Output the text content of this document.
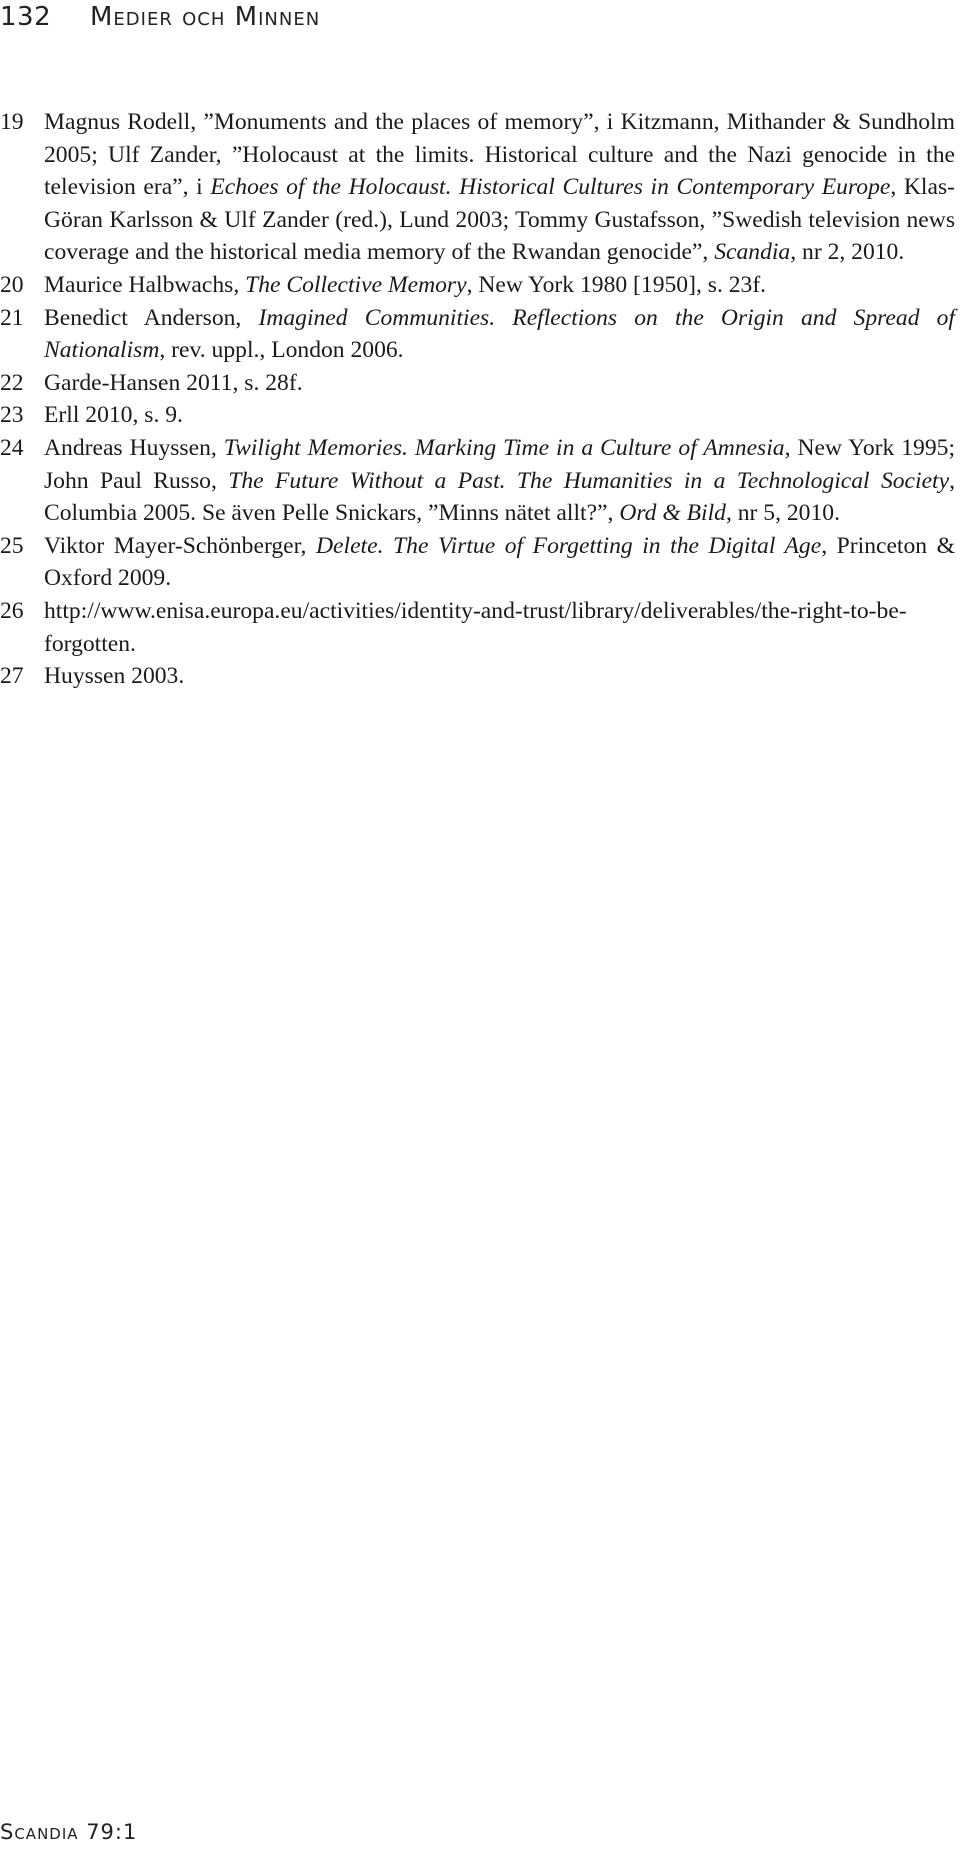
132 Medier och Minnen
19 Magnus Rodell, ”Monuments and the places of memory”, i Kitzmann, Mithander & Sundholm 2005; Ulf Zander, ”Holocaust at the limits. Historical culture and the Nazi genocide in the television era”, i Echoes of the Holocaust. Historical Cultures in Contemporary Europe, Klas-Göran Karlsson & Ulf Zander (red.), Lund 2003; Tommy Gustafsson, ”Swedish television news coverage and the historical media memory of the Rwandan genocide”, Scandia, nr 2, 2010.
20 Maurice Halbwachs, The Collective Memory, New York 1980 [1950], s. 23f.
21 Benedict Anderson, Imagined Communities. Reflections on the Origin and Spread of Nationalism, rev. uppl., London 2006.
22 Garde-Hansen 2011, s. 28f.
23 Erll 2010, s. 9.
24 Andreas Huyssen, Twilight Memories. Marking Time in a Culture of Amnesia, New York 1995; John Paul Russo, The Future Without a Past. The Humanities in a Technological Society, Columbia 2005. Se även Pelle Snickars, ”Minns nätet allt?”, Ord & Bild, nr 5, 2010.
25 Viktor Mayer-Schönberger, Delete. The Virtue of Forgetting in the Digital Age, Princeton & Oxford 2009.
26 http://www.enisa.europa.eu/activities/identity-and-trust/library/deliverables/the-right-to-be-forgotten.
27 Huyssen 2003.
Scandia 79:1
